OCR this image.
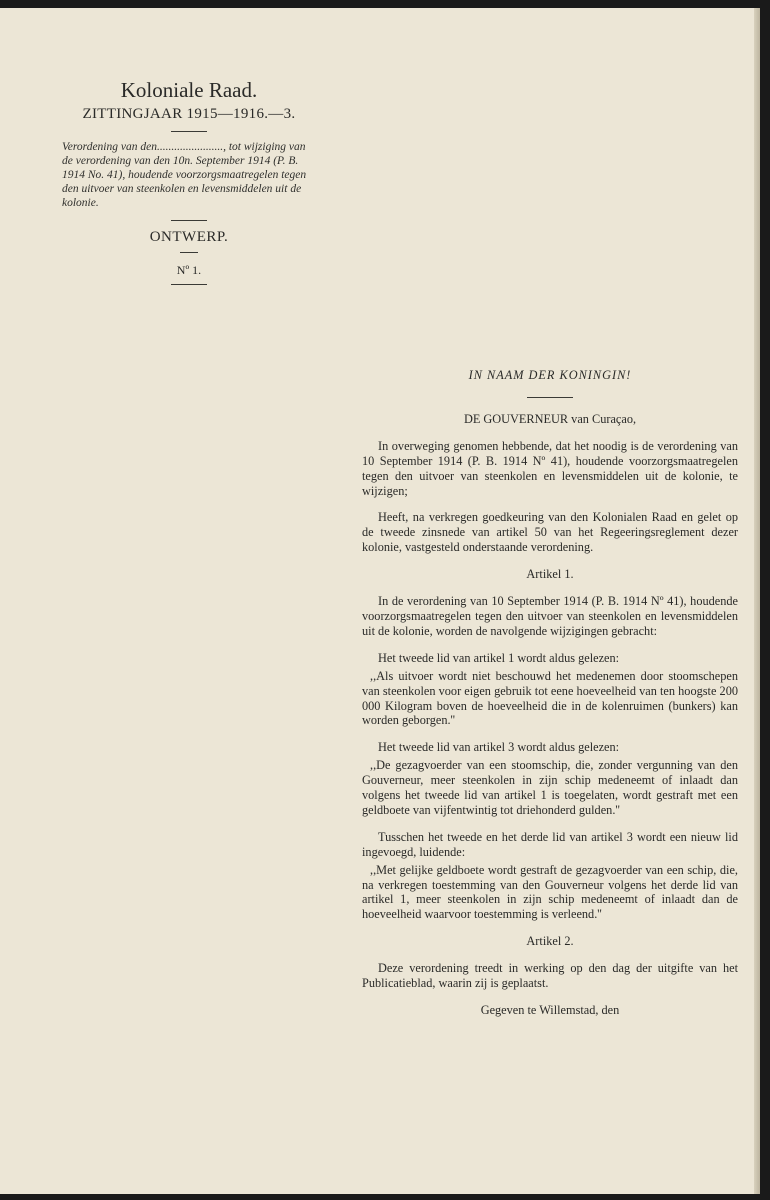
Koloniale Raad.

ZITTINGJAAR 1915—1916.—3.

Verordening van den......................., tot wijziging van de verordening van den 10n. September 1914 (P. B. 1914 No. 41), houdende voorzorgsmaatregelen tegen den uitvoer van steenkolen en levensmiddelen uit de kolonie.

ONTWERP.

Nº 1.

IN NAAM DER KONINGIN!

DE GOUVERNEUR van Curaçao,

In overweging genomen hebbende, dat het noodig is de verordening van 10 September 1914 (P. B. 1914 Nº 41), houdende voorzorgsmaatregelen tegen den uitvoer van steenkolen en levensmiddelen uit de kolonie, te wijzigen;

Heeft, na verkregen goedkeuring van den Kolonialen Raad en gelet op de tweede zinsnede van artikel 50 van het Regeeringsreglement dezer kolonie, vastgesteld onderstaande verordening.

Artikel 1.

In de verordening van 10 September 1914 (P. B. 1914 Nº 41), houdende voorzorgsmaatregelen tegen den uitvoer van steenkolen en levensmiddelen uit de kolonie, worden de navolgende wijzigingen gebracht:

Het tweede lid van artikel 1 wordt aldus gelezen:

,,Als uitvoer wordt niet beschouwd het medenemen door stoomschepen van steenkolen voor eigen gebruik tot eene hoeveelheid van ten hoogste 200 000 Kilogram boven de hoeveelheid die in de kolenruimen (bunkers) kan worden geborgen.''

Het tweede lid van artikel 3 wordt aldus gelezen:

,,De gezagvoerder van een stoomschip, die, zonder vergunning van den Gouverneur, meer steenkolen in zijn schip medeneemt of inlaadt dan volgens het tweede lid van artikel 1 is toegelaten, wordt gestraft met een geldboete van vijfentwintig tot driehonderd gulden.''

Tusschen het tweede en het derde lid van artikel 3 wordt een nieuw lid ingevoegd, luidende:

,,Met gelijke geldboete wordt gestraft de gezagvoerder van een schip, die, na verkregen toestemming van den Gouverneur volgens het derde lid van artikel 1, meer steenkolen in zijn schip medeneemt of inlaadt dan de hoeveelheid waarvoor toestemming is verleend.''

Artikel 2.

Deze verordening treedt in werking op den dag der uitgifte van het Publicatieblad, waarin zij is geplaatst.

Gegeven te Willemstad, den
